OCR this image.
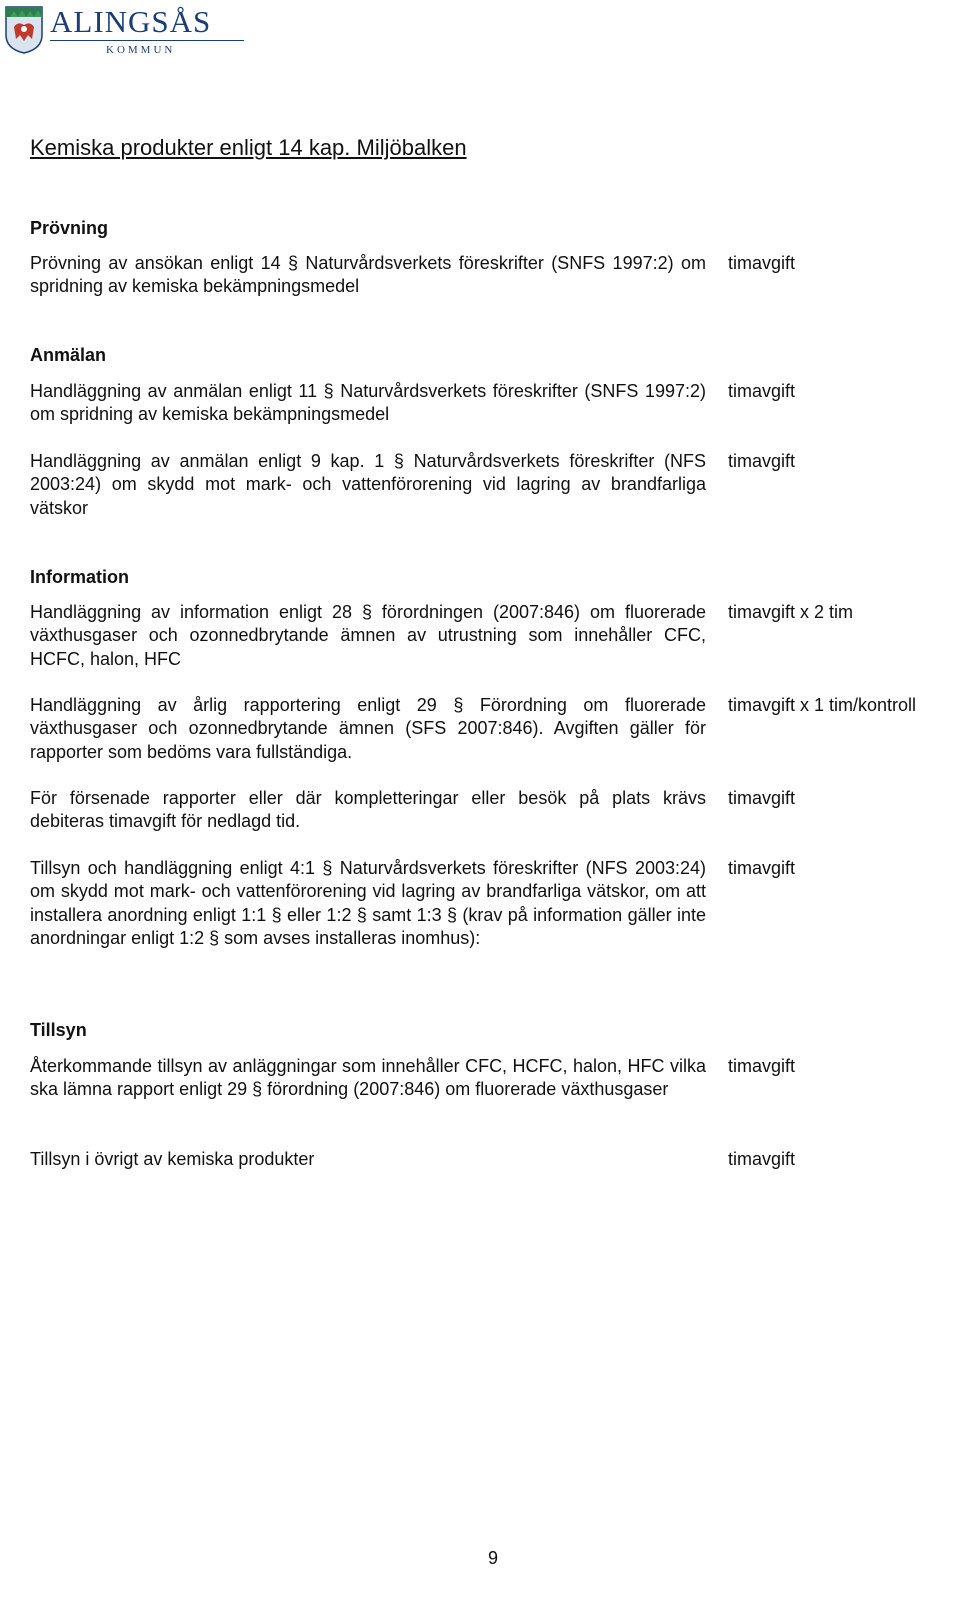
ALINGSÅS
KOMMUN
Kemiska produkter enligt 14 kap. Miljöbalken
Prövning

Prövning av ansökan enligt 14 § Naturvårdsverkets föreskrifter (SNFS 1997:2) om spridning av kemiska bekämpningsmedel

timavgift

Anmälan

Handläggning av anmälan enligt 11 § Naturvårdsverkets föreskrifter (SNFS 1997:2) om spridning av kemiska bekämpningsmedel

timavgift

Handläggning av anmälan enligt 9 kap. 1 § Naturvårdsverkets föreskrifter (NFS 2003:24) om skydd mot mark- och vattenförorening vid lagring av brandfarliga vätskor

timavgift

Information

Handläggning av information enligt 28 § förordningen (2007:846) om fluorerade växthusgaser och ozonnedbrytande ämnen av utrustning som innehåller CFC, HCFC, halon, HFC

timavgift x 2 tim

Handläggning av årlig rapportering enligt 29 § Förordning om fluorerade växthusgaser och ozonnedbrytande ämnen (SFS 2007:846). Avgiften gäller för rapporter som bedöms vara fullständiga.

timavgift x 1 tim/kontroll

För försenade rapporter eller där kompletteringar eller besök på plats krävs debiteras timavgift för nedlagd tid.

timavgift

Tillsyn och handläggning enligt 4:1 § Naturvårdsverkets föreskrifter (NFS 2003:24) om skydd mot mark- och vattenförorening vid lagring av brandfarliga vätskor, om att installera anordning enligt 1:1 § eller 1:2 § samt 1:3 § (krav på information gäller inte anordningar enligt 1:2 § som avses installeras inomhus):

timavgift

Tillsyn

Återkommande tillsyn av anläggningar som innehåller CFC, HCFC, halon, HFC vilka ska lämna rapport enligt 29 § förordning (2007:846) om fluorerade växthusgaser

timavgift

Tillsyn i övrigt av kemiska produkter	timavgift

9
